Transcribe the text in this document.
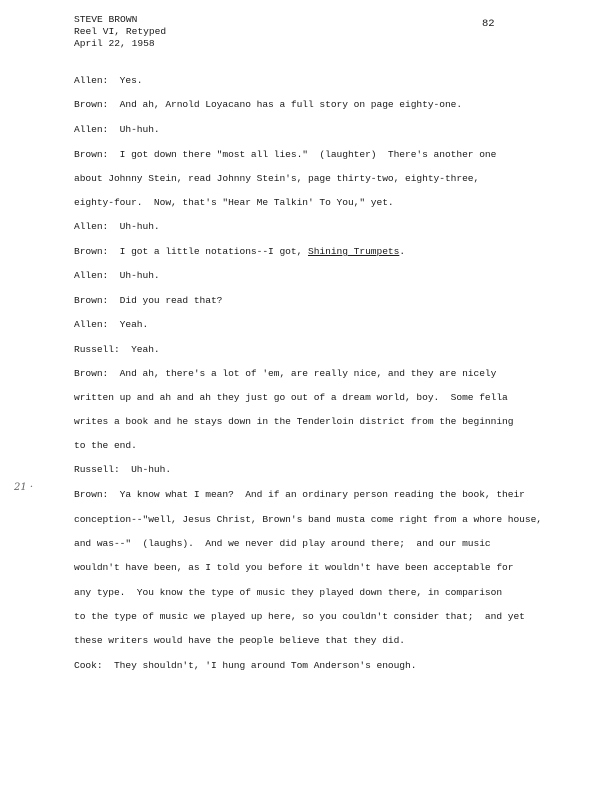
STEVE BROWN
Reel VI, Retyped
April 22, 1958
82
21 ·
Allen:  Yes.
Brown:  And ah, Arnold Loyacano has a full story on page eighty-one.
Allen:  Uh-huh.
Brown:  I got down there "most all lies."  (laughter)  There's another one
about Johnny Stein, read Johnny Stein's, page thirty-two, eighty-three,
eighty-four.  Now, that's "Hear Me Talkin' To You," yet.
Allen:  Uh-huh.
Brown:  I got a little notations--I got, Shining Trumpets.
Allen:  Uh-huh.
Brown:  Did you read that?
Allen:  Yeah.
Russell:  Yeah.
Brown:  And ah, there's a lot of 'em, are really nice, and they are nicely
written up and ah and ah they just go out of a dream world, boy.  Some fella
writes a book and he stays down in the Tenderloin district from the beginning
to the end.
Russell:  Uh-huh.
Brown:  Ya know what I mean?  And if an ordinary person reading the book, their
conception--"well, Jesus Christ, Brown's band musta come right from a whore house,
and was--"  (laughs).  And we never did play around there;  and our music
wouldn't have been, as I told you before it wouldn't have been acceptable for
any type.  You know the type of music they played down there, in comparison
to the type of music we played up here, so you couldn't consider that;  and yet
these writers would have the people believe that they did.
Cook:  They shouldn't, 'I hung around Tom Anderson's enough.
